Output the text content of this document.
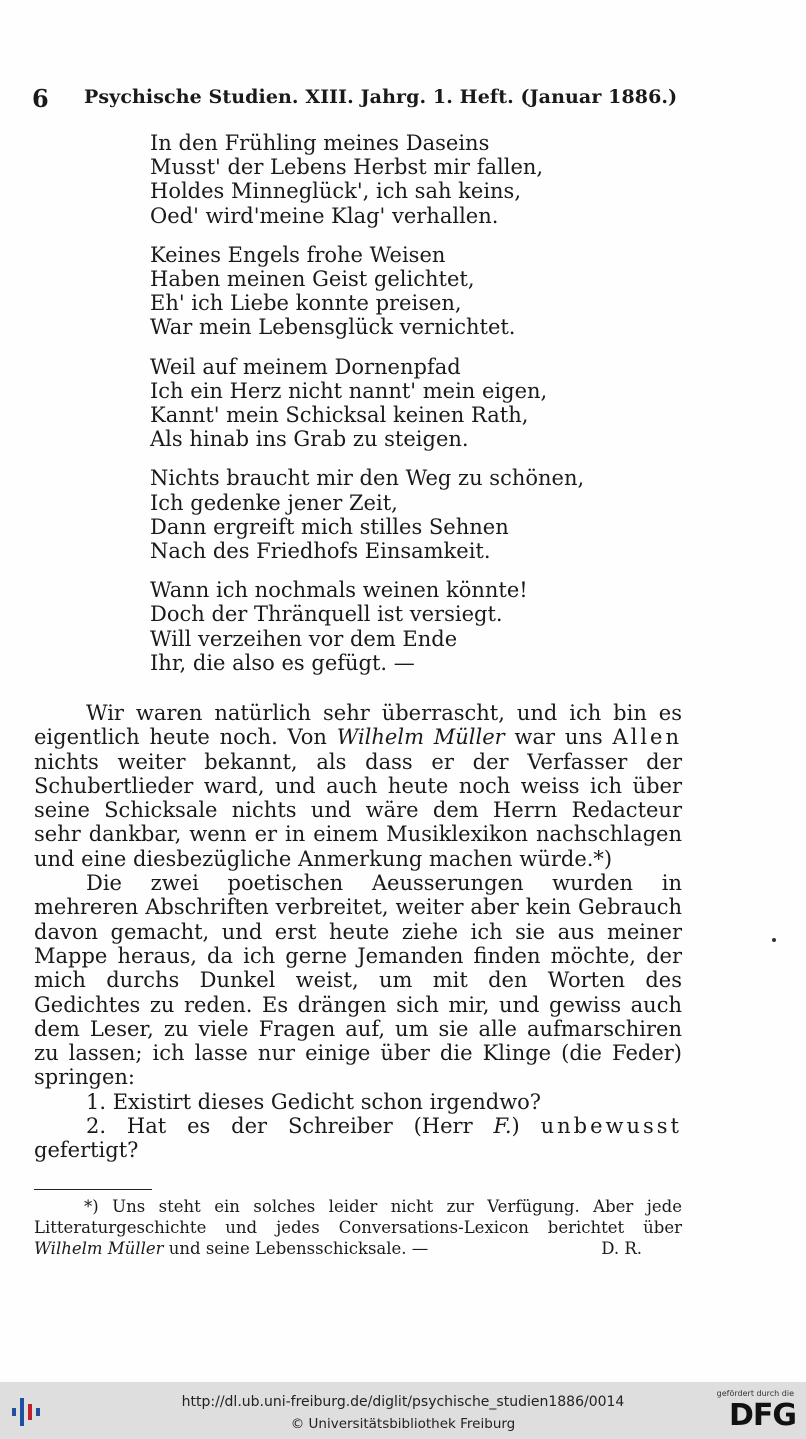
6 Psychische Studien. XIII. Jahrg. 1. Heft. (Januar 1886.)
In den Frühling meines Daseins
Musst' der Lebens Herbst mir fallen,
Holdes Minneglück', ich sah keins,
Oed' wird'meine Klag' verhallen.
Keines Engels frohe Weisen
Haben meinen Geist gelichtet,
Eh' ich Liebe konnte preisen,
War mein Lebensglück vernichtet.
Weil auf meinem Dornenpfad
Ich ein Herz nicht nannt' mein eigen,
Kannt' mein Schicksal keinen Rath,
Als hinab ins Grab zu steigen.
Nichts braucht mir den Weg zu schönen,
Ich gedenke jener Zeit,
Dann ergreift mich stilles Sehnen
Nach des Friedhofs Einsamkeit.
Wann ich nochmals weinen könnte!
Doch der Thränquell ist versiegt.
Will verzeihen vor dem Ende
Ihr, die also es gefügt. —

Wir waren natürlich sehr überrascht, und ich bin es eigentlich heute noch. Von Wilhelm Müller war uns Allen nichts weiter bekannt, als dass er der Verfasser der Schubertlieder ward, und auch heute noch weiss ich über seine Schicksale nichts und wäre dem Herrn Redacteur sehr dankbar, wenn er in einem Musiklexikon nachschlagen und eine diesbezügliche Anmerkung machen würde.*)

Die zwei poetischen Aeusserungen wurden in mehreren Abschriften verbreitet, weiter aber kein Gebrauch davon gemacht, und erst heute ziehe ich sie aus meiner Mappe heraus, da ich gerne Jemanden finden möchte, der mich durchs Dunkel weist, um mit den Worten des Gedichtes zu reden. Es drängen sich mir, und gewiss auch dem Leser, zu viele Fragen auf, um sie alle aufmarschiren zu lassen; ich lasse nur einige über die Klinge (die Feder) springen:

1. Existirt dieses Gedicht schon irgendwo?

2. Hat es der Schreiber (Herr F.) unbewusst gefertigt?

*) Uns steht ein solches leider nicht zur Verfügung. Aber jede Litteraturgeschichte und jedes Conversations-Lexicon berichtet über Wilhelm Müller und seine Lebensschicksale. —	D. R.

http://dl.ub.uni-freiburg.de/diglit/psychische_studien1886/0014
© Universitätsbibliothek Freiburg
gefördert durch die
DFG
